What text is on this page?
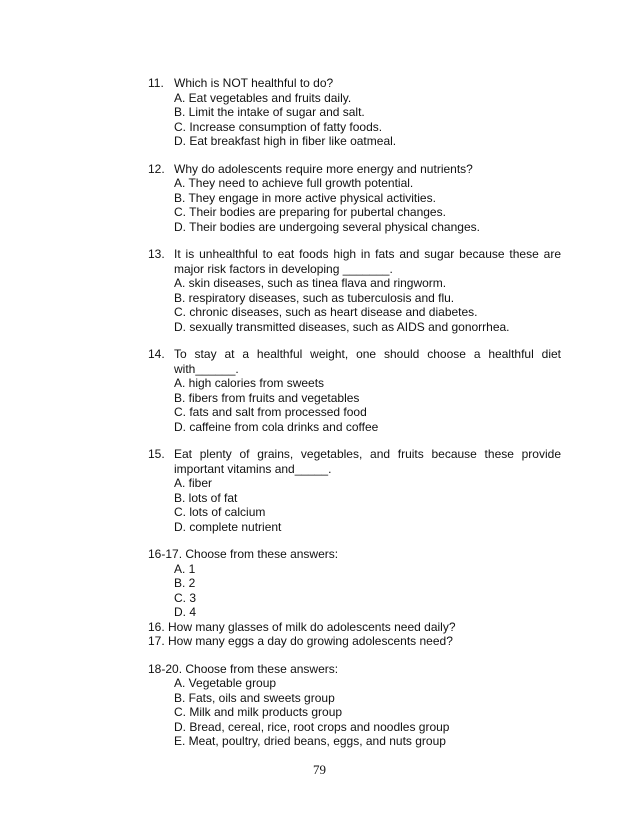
11. Which is NOT healthful to do?
A. Eat vegetables and fruits daily.
B. Limit the intake of sugar and salt.
C. Increase consumption of fatty foods.
D. Eat breakfast high in fiber like oatmeal.
12. Why do adolescents require more energy and nutrients?
A. They need to achieve full growth potential.
B. They engage in more active physical activities.
C. Their bodies are preparing for pubertal changes.
D. Their bodies are undergoing several physical changes.
13. It is unhealthful to eat foods high in fats and sugar because these are major risk factors in developing _______.
A. skin diseases, such as tinea flava and ringworm.
B. respiratory diseases, such as tuberculosis and flu.
C. chronic diseases, such as heart disease and diabetes.
D. sexually transmitted diseases, such as AIDS and gonorrhea.
14. To stay at a healthful weight, one should choose a healthful diet with______.
A. high calories from sweets
B. fibers from fruits and vegetables
C. fats and salt from processed food
D. caffeine from cola drinks and coffee
15. Eat plenty of grains, vegetables, and fruits because these provide important vitamins and_____.
A. fiber
B. lots of fat
C. lots of calcium
D. complete nutrient
16-17. Choose from these answers:
A. 1
B. 2
C. 3
D. 4
16. How many glasses of milk do adolescents need daily?
17. How many eggs a day do growing adolescents need?
18-20. Choose from these answers:
A. Vegetable group
B. Fats, oils and sweets group
C. Milk and milk products group
D. Bread, cereal, rice, root crops and noodles group
E. Meat, poultry, dried beans, eggs, and nuts group
79
